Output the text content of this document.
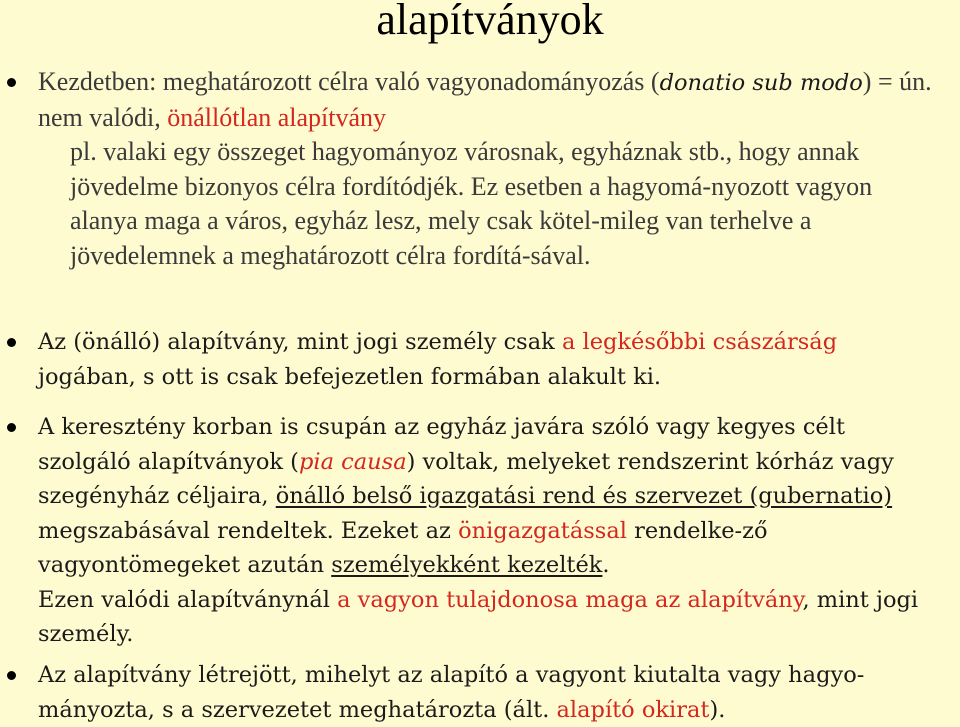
alapítványok
Kezdetben: meghatározott célra való vagyonadományozás (donatio sub modo) = ún. nem valódi, önállótlan alapítvány
pl. valaki egy összeget hagyományoz városnak, egyháznak stb., hogy annak jövedelme bizonyos célra fordítódjék. Ez esetben a hagyomá-nyozott vagyon alanya maga a város, egyház lesz, mely csak kötel-mileg van terhelve a jövedelemnek a meghatározott célra fordítá-sával.
Az (önálló) alapítvány, mint jogi személy csak a legkésőbbi császárság jogában, s ott is csak befejezetlen formában alakult ki.
A keresztény korban is csupán az egyház javára szóló vagy kegyes célt szolgáló alapítványok (pia causa) voltak, melyeket rendszerint kórház vagy szegényház céljaira, önálló belső igazgatási rend és szervezet (gubernatio) megszabásával rendeltek. Ezeket az önigazgatással rendelke-ző vagyontömegeket azután személyekként kezelték.
Ezen valódi alapítványnál a vagyon tulajdonosa maga az alapítvány, mint jogi személy.
Az alapítvány létrejött, mihelyt az alapító a vagyont kiutalta vagy hagyo-mányozta, s a szervezetet meghatározta (ált. alapító okirat).
